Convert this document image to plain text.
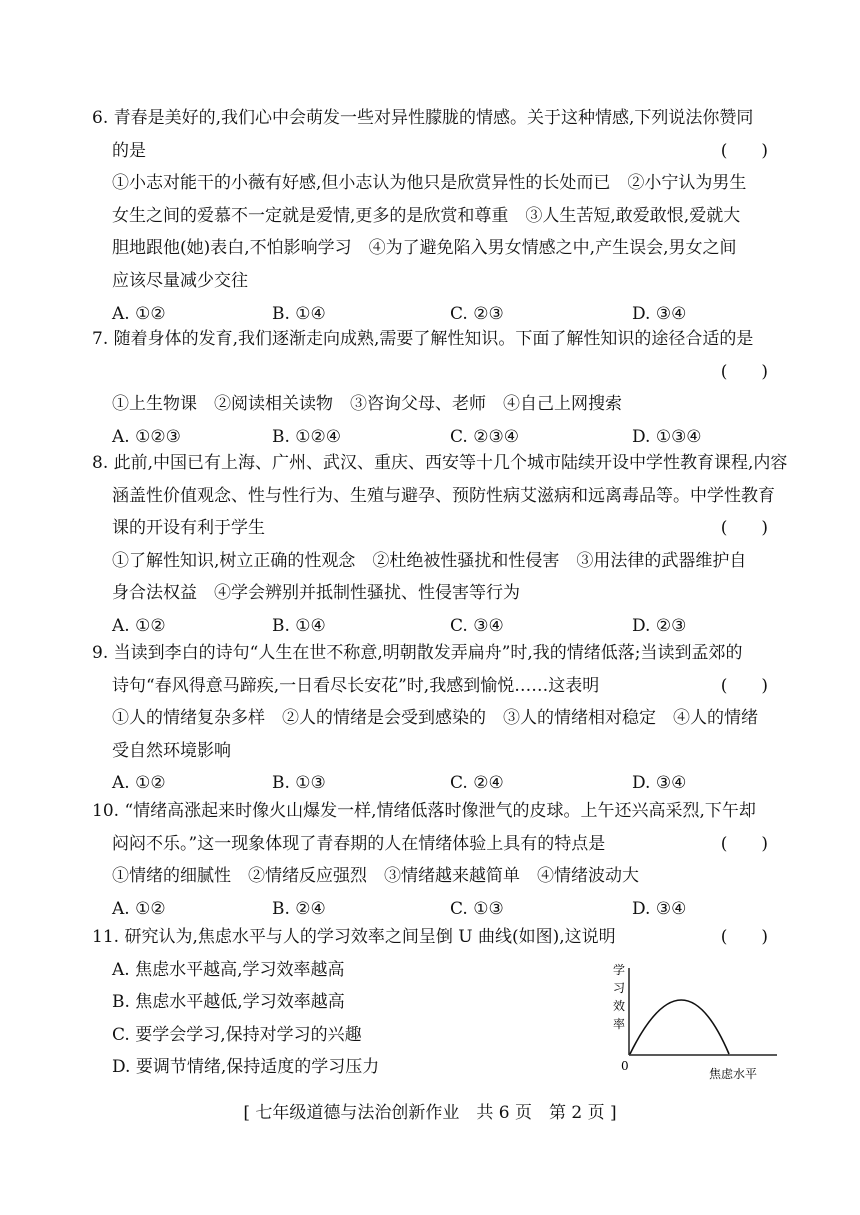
6. 青春是美好的,我们心中会萌发一些对异性朦胧的情感。关于这种情感,下列说法你赞同
的是	(　　)
①小志对能干的小薇有好感,但小志认为他只是欣赏异性的长处而已　②小宁认为男生
女生之间的爱慕不一定就是爱情,更多的是欣赏和尊重　③人生苦短,敢爱敢恨,爱就大
胆地跟他(她)表白,不怕影响学习　④为了避免陷入男女情感之中,产生误会,男女之间
应该尽量减少交往
A. ①②	B. ①④	C. ②③	D. ③④
7. 随着身体的发育,我们逐渐走向成熟,需要了解性知识。下面了解性知识的途径合适的是
(　　)

①上生物课　②阅读相关读物　③咨询父母、老师　④自己上网搜索
A. ①②③	B. ①②④	C. ②③④	D. ①③④
8. 此前,中国已有上海、广州、武汉、重庆、西安等十几个城市陆续开设中学性教育课程,内容
涵盖性价值观念、性与性行为、生殖与避孕、预防性病艾滋病和远离毒品等。中学性教育
课的开设有利于学生	(　　)
①了解性知识,树立正确的性观念　②杜绝被性骚扰和性侵害　③用法律的武器维护自
身合法权益　④学会辨别并抵制性骚扰、性侵害等行为
A. ①②	B. ①④	C. ③④	D. ②③
9. 当读到李白的诗句“人生在世不称意,明朝散发弄扁舟”时,我的情绪低落;当读到孟郊的
诗句“春风得意马蹄疾,一日看尽长安花”时,我感到愉悦……这表明	(　　)
①人的情绪复杂多样　②人的情绪是会受到感染的　③人的情绪相对稳定　④人的情绪
受自然环境影响
A. ①②	B. ①③	C. ②④	D. ③④
10. “情绪高涨起来时像火山爆发一样,情绪低落时像泄气的皮球。上午还兴高采烈,下午却
闷闷不乐。”这一现象体现了青春期的人在情绪体验上具有的特点是	(　　)
①情绪的细腻性　②情绪反应强烈　③情绪越来越简单　④情绪波动大
A. ①②	B. ②④	C. ①③	D. ③④
11. 研究认为,焦虑水平与人的学习效率之间呈倒 U 曲线(如图),这说明	(　　)
A. 焦虑水平越高,学习效率越高
B. 焦虑水平越低,学习效率越高
C. 要学会学习,保持对学习的兴趣
D. 要调节情绪,保持适度的学习压力
学
习
效
率
0
焦虑水平
[ 七年级道德与法治创新作业　共 6 页　第 2 页 ]
